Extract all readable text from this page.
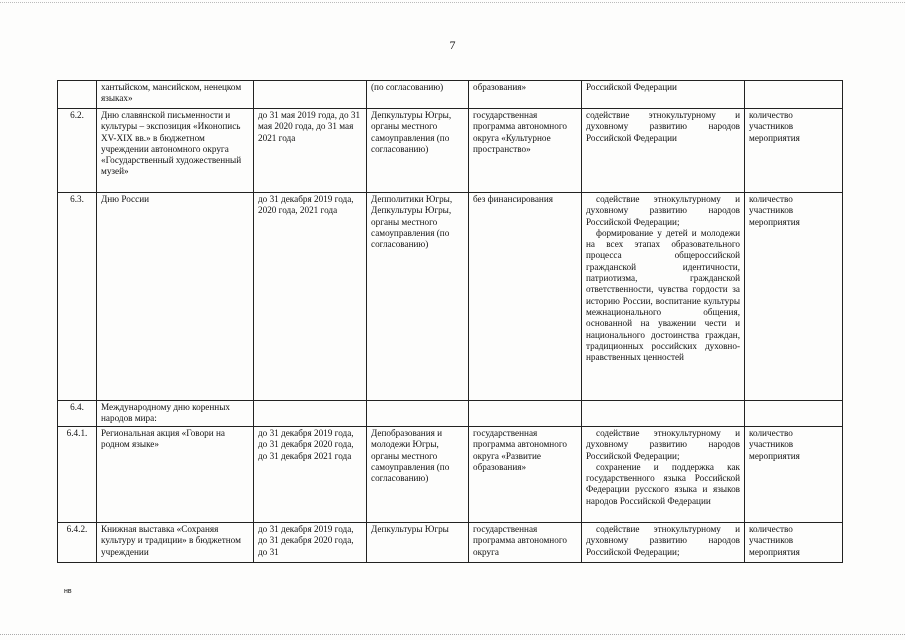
7
	хантыйском, мансийском, ненецком языках»		(по согласованию)	образования»	Российской Федерации	
6.2.	Дню славянской письменности и культуры – экспозиция «Иконопись XV-XIX вв.» в бюджетном учреждении автономного округа «Государственный художественный музей»	до 31 мая 2019 года, до 31 мая 2020 года, до 31 мая 2021 года	Депкультуры Югры, органы местного самоуправления (по согласованию)	государственная программа автономного округа «Культурное пространство»	содействие этнокультурному и духовному развитию народов Российской Федерации	количество участников мероприятия
6.3.	Дню России	до 31 декабря 2019 года, 2020 года, 2021 года	Депполитики Югры, Депкультуры Югры, органы местного самоуправления (по согласованию)	без финансирования	содействие этнокультурному и духовному развитию народов Российской Федерации;
формирование у детей и молодежи на всех этапах образовательного процесса общероссийской гражданской идентичности, патриотизма, гражданской ответственности, чувства гордости за историю России, воспитание культуры межнационального общения, основанной на уважении чести и национального достоинства граждан, традиционных российских духовно-нравственных ценностей	количество участников мероприятия
6.4.	Международному дню коренных народов мира:					
6.4.1.	Региональная акция «Говори на родном языке»	до 31 декабря 2019 года, до 31 декабря 2020 года, до 31 декабря 2021 года	Депобразования и молодежи Югры, органы местного самоуправления (по согласованию)	государственная программа автономного округа «Развитие образования»	содействие этнокультурному и духовному развитию народов Российской Федерации;
сохранение и поддержка как государственного языка Российской Федерации русского языка и языков народов Российской Федерации	количество участников мероприятия
6.4.2.	Книжная выставка «Сохраняя культуру и традиции» в бюджетном учреждении	до 31 декабря 2019 года, до 31 декабря 2020 года, до 31	Депкультуры Югры	государственная программа автономного округа	содействие этнокультурному и духовному развитию народов Российской Федерации;	количество участников мероприятия
нв
